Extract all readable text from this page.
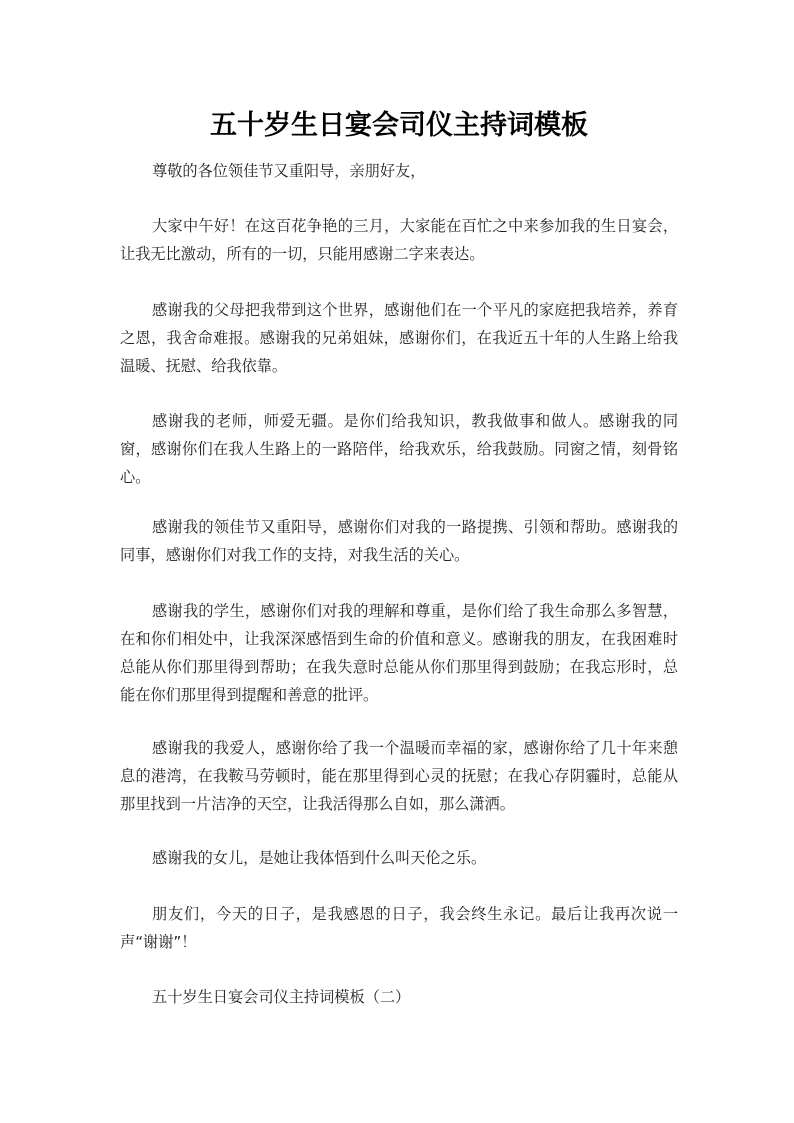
五十岁生日宴会司仪主持词模板

尊敬的各位领佳节又重阳导，亲朋好友，

大家中午好！在这百花争艳的三月，大家能在百忙之中来参加我的生日宴会，让我无比激动，所有的一切，只能用感谢二字来表达。

感谢我的父母把我带到这个世界，感谢他们在一个平凡的家庭把我培养，养育之恩，我舍命难报。感谢我的兄弟姐妹，感谢你们，在我近五十年的人生路上给我温暖、抚慰、给我依靠。

感谢我的老师，师爱无疆。是你们给我知识，教我做事和做人。感谢我的同窗，感谢你们在我人生路上的一路陪伴，给我欢乐，给我鼓励。同窗之情，刻骨铭心。

感谢我的领佳节又重阳导，感谢你们对我的一路提携、引领和帮助。感谢我的同事，感谢你们对我工作的支持，对我生活的关心。

感谢我的学生，感谢你们对我的理解和尊重，是你们给了我生命那么多智慧，在和你们相处中，让我深深感悟到生命的价值和意义。感谢我的朋友，在我困难时总能从你们那里得到帮助；在我失意时总能从你们那里得到鼓励；在我忘形时，总能在你们那里得到提醒和善意的批评。

感谢我的我爱人，感谢你给了我一个温暖而幸福的家，感谢你给了几十年来憩息的港湾，在我鞍马劳顿时，能在那里得到心灵的抚慰；在我心存阴霾时，总能从那里找到一片洁净的天空，让我活得那么自如，那么潇洒。

感谢我的女儿，是她让我体悟到什么叫天伦之乐。

朋友们，今天的日子，是我感恩的日子，我会终生永记。最后让我再次说一声“谢谢”！

五十岁生日宴会司仪主持词模板（二）
